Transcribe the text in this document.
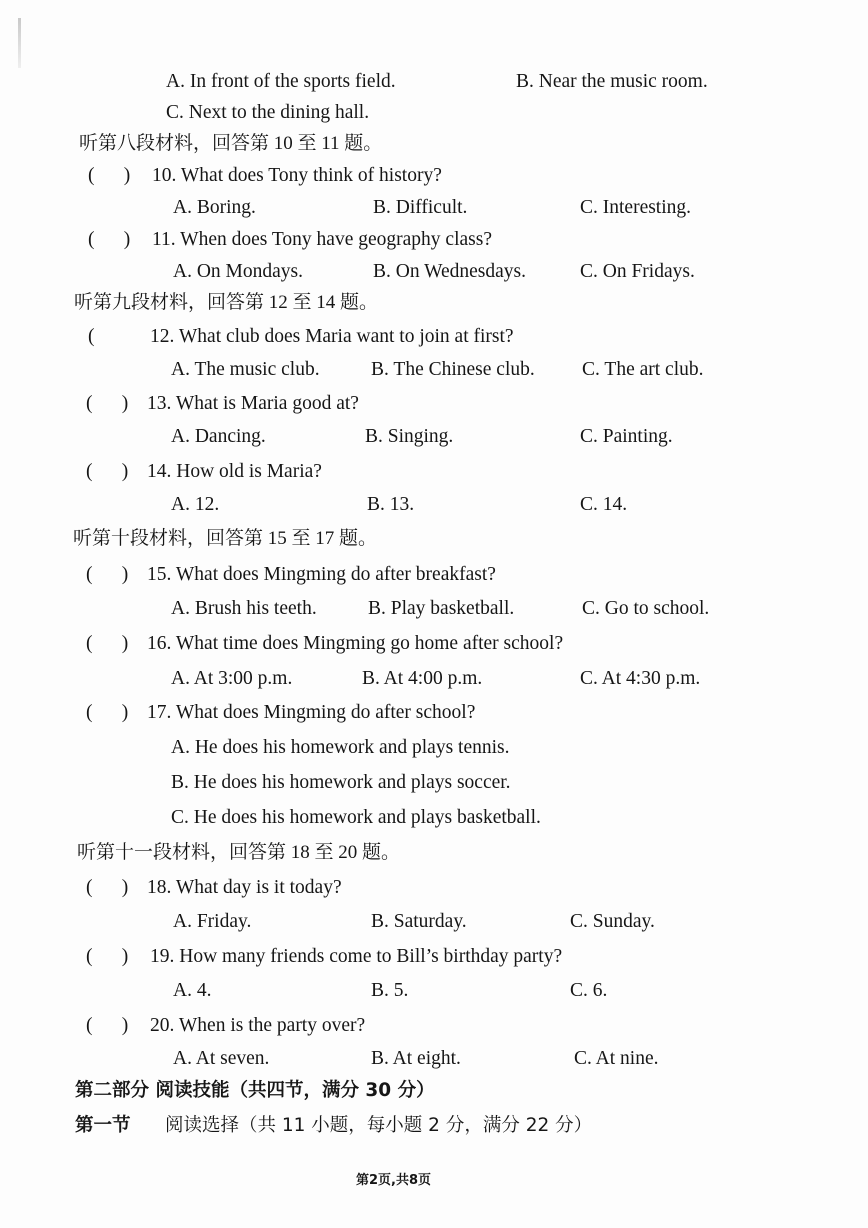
A. In front of the sports field.	B. Near the music room.
C. Next to the dining hall.
听第八段材料，回答第 10 至 11 题。
(      ) 10. What does Tony think of history?
A. Boring.	B. Difficult.	C. Interesting.
(      ) 11. When does Tony have geography class?
A. On Mondays.	B. On Wednesdays.	C. On Fridays.
听第九段材料，回答第 12 至 14 题。
(	12. What club does Maria want to join at first?
A. The music club.	B. The Chinese club. C. The art club.
(      ) 13. What is Maria good at?
A. Dancing.	B. Singing.	C. Painting.
(      ) 14. How old is Maria?
A. 12.	B. 13.	C. 14.
听第十段材料，回答第 15 至 17 题。
(      ) 15. What does Mingming do after breakfast?
A. Brush his teeth.	B. Play basketball.	C. Go to school.
(      ) 16. What time does Mingming go home after school?
A. At 3:00 p.m.	B. At 4:00 p.m.	C. At 4:30 p.m.
(      ) 17. What does Mingming do after school?
A. He does his homework and plays tennis.
B. He does his homework and plays soccer.
C. He does his homework and plays basketball.
听第十一段材料，回答第 18 至 20 题。
(      ) 18. What day is it today?
A. Friday.	B. Saturday.	C. Sunday.
(      ) 19. How many friends come to Bill’s birthday party?
A. 4.	B. 5.	C. 6.
(      ) 20. When is the party over?
A. At seven.	B. At eight.	C. At nine.
第二部分 阅读技能（共四节，满分 30 分）
第一节 阅读选择（共 11 小题，每小题 2 分，满分 22 分）
第2页,共8页
